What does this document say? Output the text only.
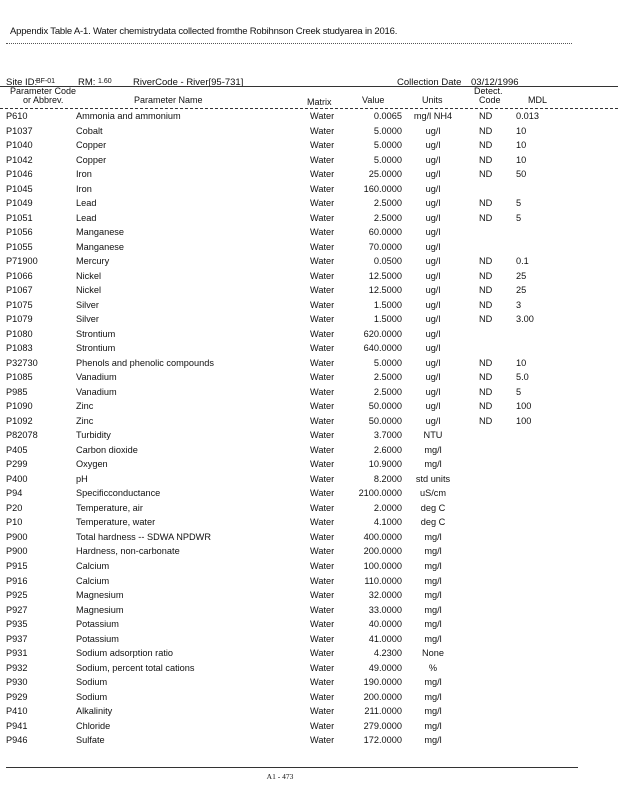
Appendix Table A-1. Water chemistrydata collected fromthe Robihnson Creek studyarea in 2016.
Site ID:
BF-01 RM: 1.60 RiverCode - River[95-731]	Collection Date 03/12/1996
Parameter Code
or Abbrev.	Parameter Name	Matrix	Value	Units
Detect.
Code	MDL
P610	Ammonia and ammonium	Water	0.0065 mg/l NH4	ND	0.013
P1037	Cobalt	Water	5.0000	ug/l	ND	10
P1040	Copper	Water	5.0000	ug/l	ND	10
P1042	Copper	Water	5.0000	ug/l	ND	10
P1046	Iron	Water	25.0000	ug/l	ND	50
P1045	Iron	Water	160.0000	ug/l
P1049	Lead	Water	2.5000	ug/l	ND	5
P1051	Lead	Water	2.5000	ug/l	ND	5
P1056	Manganese	Water	60.0000	ug/l
P1055	Manganese	Water	70.0000	ug/l
P71900	Mercury	Water	0.0500	ug/l	ND	0.1
P1066	Nickel	Water	12.5000	ug/l	ND	25
P1067	Nickel	Water	12.5000	ug/l	ND	25
P1075	Silver	Water	1.5000	ug/l	ND	3
P1079	Silver	Water	1.5000	ug/l	ND	3.00
P1080	Strontium	Water	620.0000	ug/l
P1083	Strontium	Water	640.0000	ug/l
P32730	Phenols and phenolic compounds	Water	5.0000	ug/l	ND	10
P1085	Vanadium	Water	2.5000	ug/l	ND	5.0
P985	Vanadium	Water	2.5000	ug/l	ND	5
P1090	Zinc	Water	50.0000	ug/l	ND	100
P1092	Zinc	Water	50.0000	ug/l	ND	100
P82078	Turbidity	Water	3.7000 NTU
P405	Carbon dioxide	Water	2.6000 mg/l
P299	Oxygen	Water	10.9000 mg/l
P400	pH	Water	8.2000 std units
P94	Specificconductance	Water	2100.0000 uS/cm
P20	Temperature, air	Water	2.0000 deg C
P10	Temperature, water	Water	4.1000 deg C
P900	Total hardness -- SDWA NPDWR	Water	400.0000 mg/l
P900	Hardness, non-carbonate	Water	200.0000 mg/l
P915	Calcium	Water	100.0000 mg/l
P916	Calcium	Water	110.0000 mg/l
P925	Magnesium	Water	32.0000 mg/l
P927	Magnesium	Water	33.0000 mg/l
P935	Potassium	Water	40.0000 mg/l
P937	Potassium	Water	41.0000 mg/l
P931	Sodium adsorption ratio	Water	4.2300 None
P932	Sodium, percent total cations	Water	49.0000	%
P930	Sodium	Water	190.0000 mg/l
P929	Sodium	Water	200.0000 mg/l
P410	Alkalinity	Water	211.0000 mg/l
P941	Chloride	Water	279.0000 mg/l
P946	Sulfate	Water	172.0000 mg/l
A1 - 473
